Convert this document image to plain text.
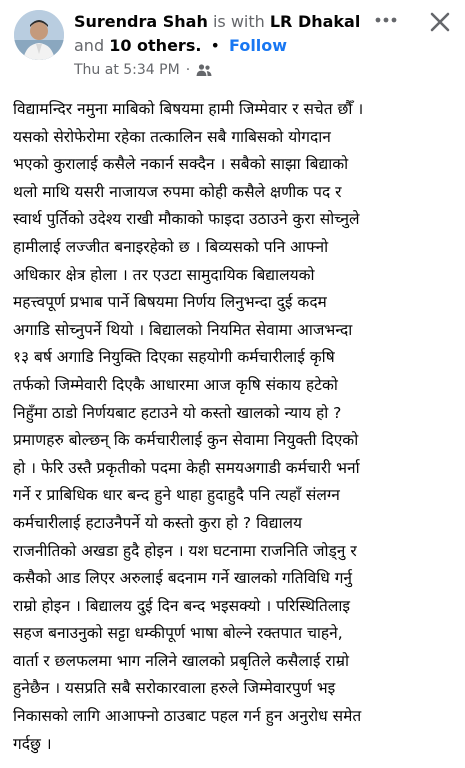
Surendra Shah is with LR Dhakal
and 10 others. • Follow
Thu at 5:34 PM ·
विद्यामन्दिर नमुना माबिको बिषयमा हामी जिम्मेवार र सचेत छौँ ।
यसको सेरोफेरोमा रहेका तत्कालिन सबै गाबिसको योगदान
भएको कुरालाई कसैले नकार्न सक्दैन । सबैको साझा बिद्याको
थलो माथि यसरी नाजायज रुपमा कोही कसैले क्षणीक पद र
स्वार्थ पुर्तिको उदेश्य राखी मौकाको फाइदा उठाउने कुरा सोच्नुले
हामीलाई लज्जीत बनाइरहेको छ । बिव्यसको पनि आफ्नो
अधिकार क्षेत्र होला । तर एउटा सामुदायिक बिद्यालयको
महत्त्वपूर्ण प्रभाब पार्ने बिषयमा निर्णय लिनुभन्दा दुई कदम
अगाडि सोच्नुपर्ने थियो । बिद्यालको नियमित सेवामा आजभन्दा
१३ बर्ष अगाडि नियुक्ति दिएका सहयोगी कर्मचारीलाई कृषि
तर्फको जिम्मेवारी दिएकै आधारमा आज कृषि संकाय हटेको
निहुँमा ठाडो निर्णयबाट हटाउने यो कस्तो खालको न्याय हो ?
प्रमाणहरु बोल्छन् कि कर्मचारीलाई कुन सेवामा नियुक्ती दिएको
हो । फेरि उस्तै प्रकृतीको पदमा केही समयअगाडी कर्मचारी भर्ना
गर्ने र प्राबिधिक धार बन्द हुने थाहा हुदाहुदै पनि त्यहाँ संलग्न
कर्मचारीलाई हटाउनैपर्ने यो कस्तो कुरा हो ? विद्यालय
राजनीतिको अखडा हुदै होइन । यश घटनामा राजनिति जोड्नु र
कसैको आड लिएर अरुलाई बदनाम गर्ने खालको गतिविधि गर्नु
राम्रो होइन । बिद्यालय दुई दिन बन्द भइसक्यो । परिस्थितिलाइ
सहज बनाउनुको सट्टा धम्कीपूर्ण भाषा बोल्ने रक्तपात चाहने,
वार्ता र छलफलमा भाग नलिने खालको प्रबृतिले कसैलाई राम्रो
हुनेछैन । यसप्रति सबै सरोकारवाला हरुले जिम्मेवारपुर्ण भइ
निकासको लागि आआफ्नो ठाउबाट पहल गर्न हुन अनुरोध समेत
गर्दछु ।
